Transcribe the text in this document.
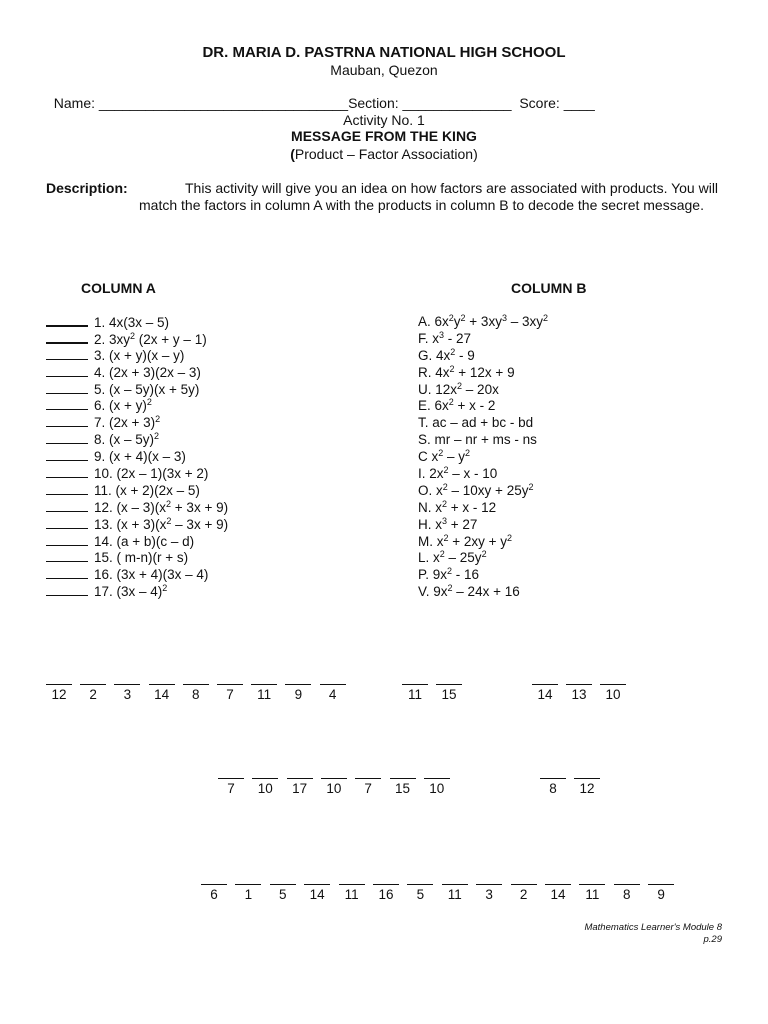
DR. MARIA D. PASTRNA NATIONAL HIGH SCHOOL
Mauban, Quezon

Name: ________________________________Section: ______________ Score: ____

Activity No. 1
MESSAGE FROM THE KING
(Product – Factor Association)
Description:	This activity will give you an idea on how factors are associated with products. You will match the factors in column A with the products in column B to decode the secret message.
COLUMN A	COLUMN B
1. 4x(3x – 5)
2. $3xy^2$ (2x + y – 1)
3. (x + y)(x – y)
4. (2x + 3)(2x – 3)
5. (x – 5y)(x + 5y)
6. $(x + y)^2$
7. $(2x + 3)^2$
8. (x – 5y)$^2$
9. (x + 4)(x – 3)
10. (2x – 1)(3x + 2)
11. (x + 2)(2x – 5)
12. $(x - 3)(x^2 + 3x + 9)$
13. $(x + 3)(x^2 - 3x + 9)$
14. (a + b)(c – d)
15. ( m-n)(r + s)
16. (3x + 4)(3x – 4)
17. (3x – 4)$^2$
A. $6x^2y^2 + 3xy^3 - 3xy^2$
F. $x^3 - 27$
G. $4x^2 - 9$
R. $4x^2 + 12x + 9$
U. $12x^2 - 20x$
E. $6x^2 + x - 2$
T. ac – ad + bc - bd
S. mr – nr + ms - ns
C $x^2 - y^2$
I. $2x^2$ – x - 10
O. $x^2 - 10xy + 25y^2$
N. $x^2 + x - 12$
H. $x^3 + 27$
M. $x^2 + 2xy + y^2$
L. $x^2 - 25y^2$
P. $9x^2 - 16$
V. $9x^2 - 24x + 16$
12	2	3	14	8	7	11	9	4	11	15	14	13	10
7	10	17	10	7	15	10	8	12
6	1	5	14	11	16	5	11	3	2	14	11	8	9
Mathematics Learner's Module 8
p.29
